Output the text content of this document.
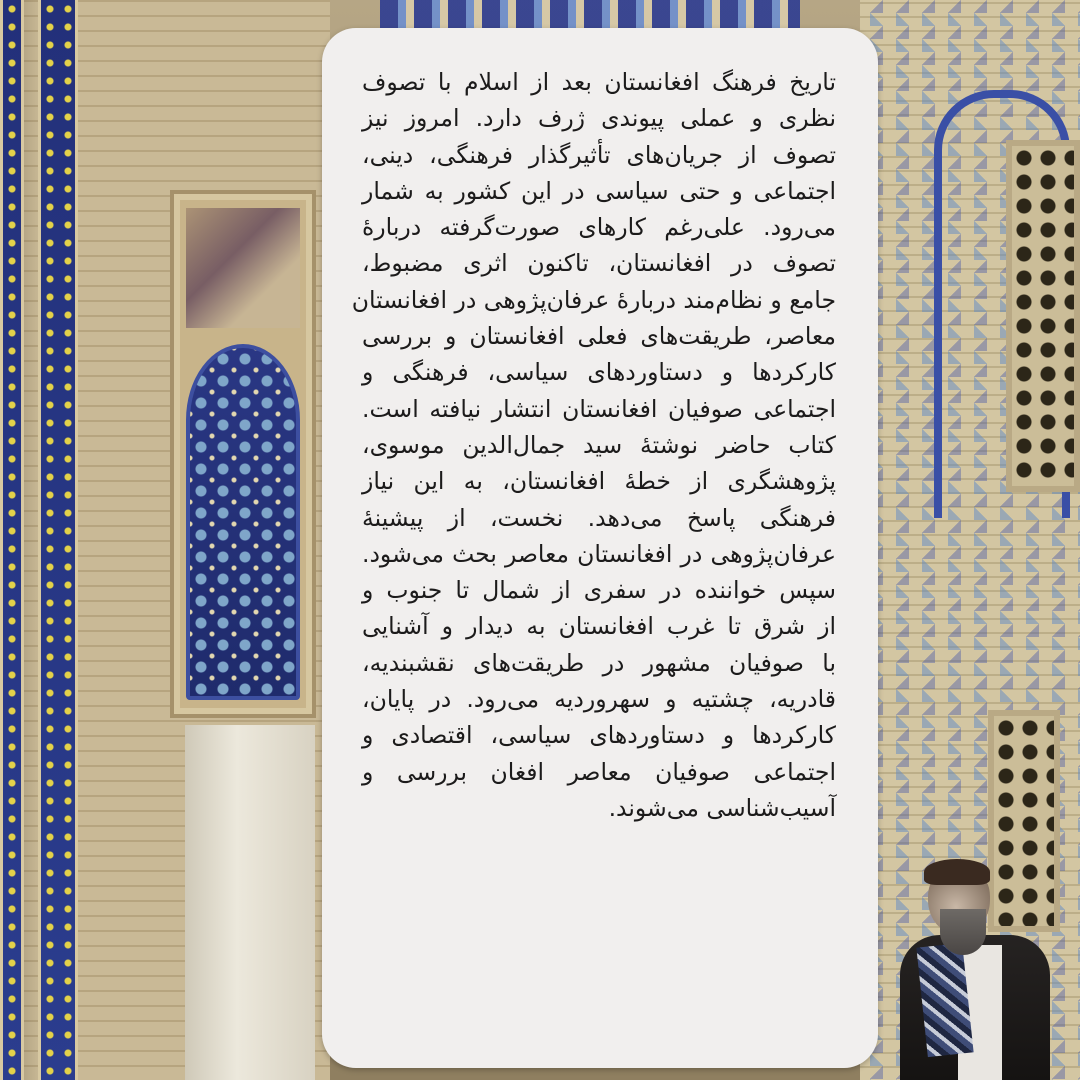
تاریخ فرهنگ افغانستان بعد از اسلام با تصوف
نظری و عملی پیوندی ژرف دارد. امروز نیز
تصوف از جریان‌های تأثیرگذار فرهنگی، دینی،
اجتماعی و حتی سیاسی در این کشور به شمار
می‌رود. علی‌رغم کارهای صورت‌گرفته دربارهٔ
تصوف در افغانستان، تاکنون اثری مضبوط،
جامع و نظام‌مند دربارهٔ عرفان‌پژوهی در افغانستان
معاصر، طریقت‌های فعلی افغانستان و بررسی
کارکردها و دستاوردهای سیاسی، فرهنگی و
اجتماعی صوفیان افغانستان انتشار نیافته است.
کتاب حاضر نوشتهٔ سید جمال‌الدین موسوی،
پژوهشگری از خطهٔ افغانستان، به این نیاز
فرهنگی پاسخ می‌دهد. نخست، از پیشینهٔ
عرفان‌پژوهی در افغانستان معاصر بحث می‌شود.
سپس خواننده در سفری از شمال تا جنوب و
از شرق تا غرب افغانستان به دیدار و آشنایی
با صوفیان مشهور در طریقت‌های نقشبندیه،
قادریه، چشتیه و سهروردیه می‌رود. در پایان،
کارکردها و دستاوردهای سیاسی، اقتصادی و
اجتماعی صوفیان معاصر افغان بررسی و
آسیب‌شناسی می‌شوند.
